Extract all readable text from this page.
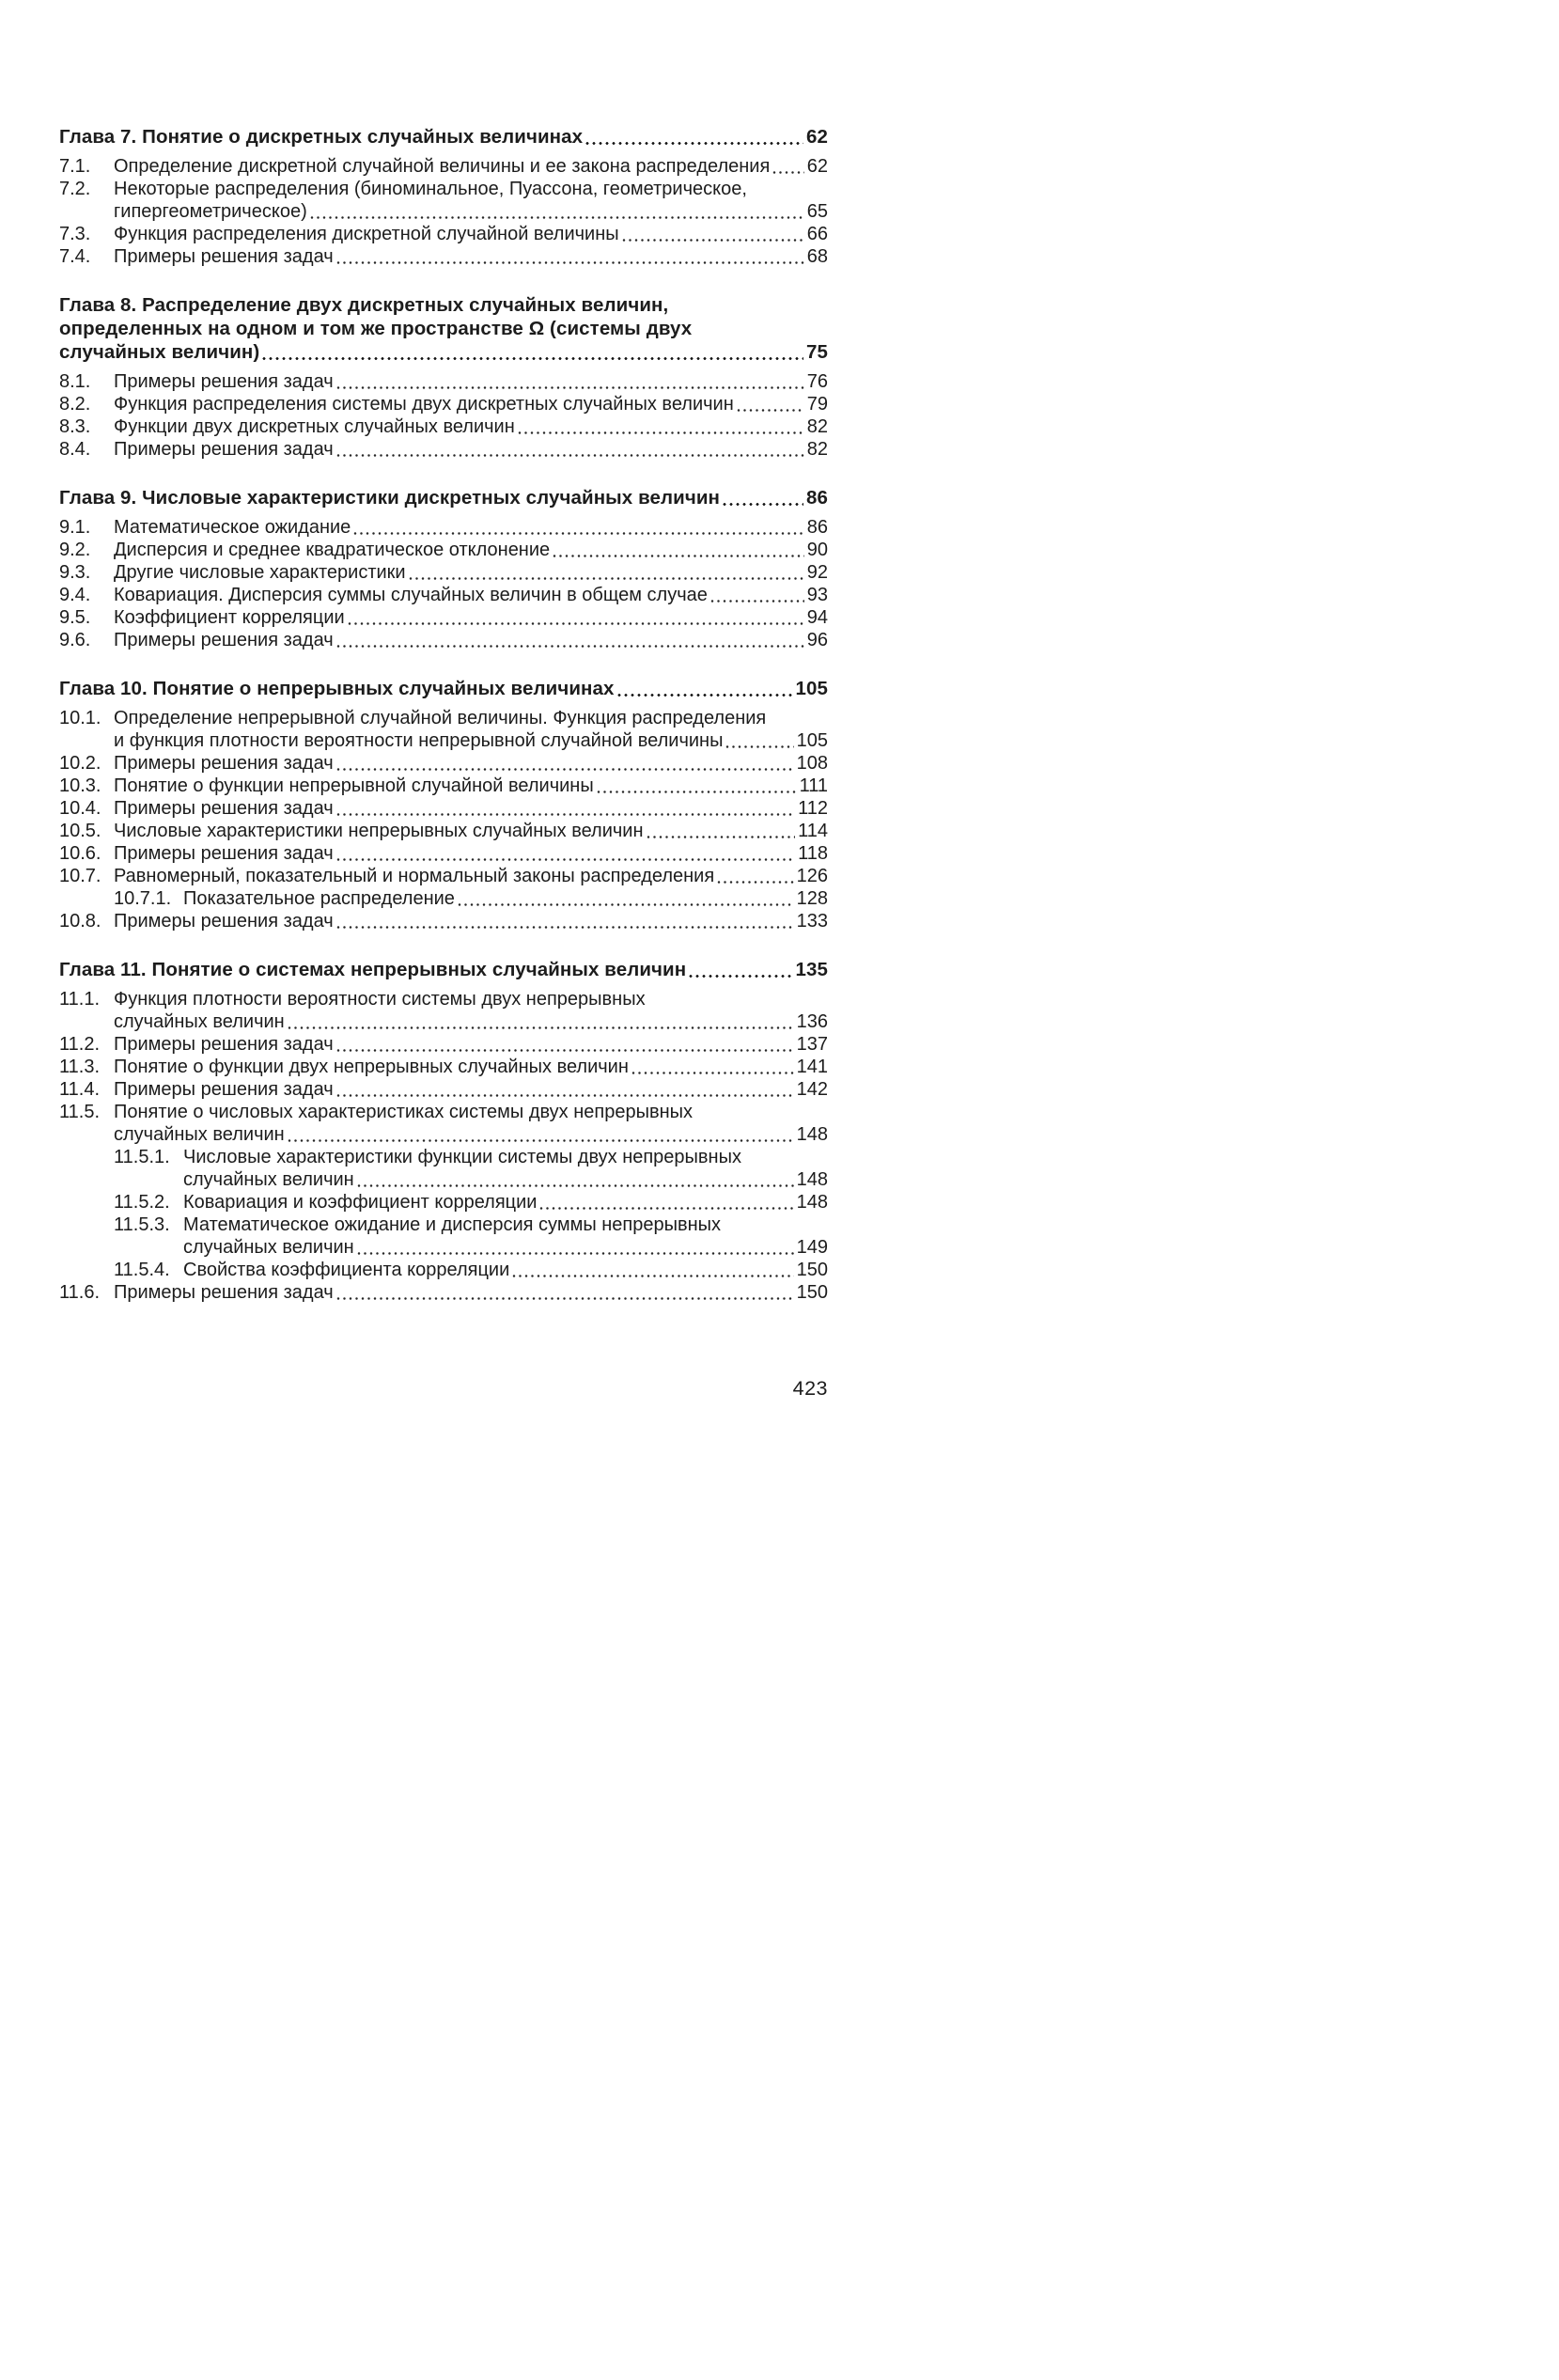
Глава 7. Понятие о дискретных случайных величинах	62
7.1. Определение дискретной случайной величины и ее закона распределения 62
7.2. Некоторые распределения (биноминальное, Пуассона, геометрическое,
гипергеометрическое)	65
7.3. Функция распределения дискретной случайной величины	66
7.4. Примеры решения задач	68
Глава 8. Распределение двух дискретных случайных величин,
определенных на одном и том же пространстве Ω (системы двух
случайных величин)	75
8.1. Примеры решения задач	76
8.2. Функция распределения системы двух дискретных случайных величин	79
8.3. Функции двух дискретных случайных величин	82
8.4. Примеры решения задач	82
Глава 9. Числовые характеристики дискретных случайных величин	86
9.1. Математическое ожидание	86
9.2. Дисперсия и среднее квадратическое отклонение	90
9.3. Другие числовые характеристики	92
9.4. Ковариация. Дисперсия суммы случайных величин в общем случае	93
9.5. Коэффициент корреляции	94
9.6. Примеры решения задач	96
Глава 10. Понятие о непрерывных случайных величинах	105
10.1. Определение непрерывной случайной величины. Функция распределения
и функция плотности вероятности непрерывной случайной величины	105
10.2. Примеры решения задач	108
10.3. Понятие о функции непрерывной случайной величины	111
10.4. Примеры решения задач	112
10.5. Числовые характеристики непрерывных случайных величин	114
10.6. Примеры решения задач	118
10.7. Равномерный, показательный и нормальный законы распределения	126
10.7.1. Показательное распределение	128
10.8. Примеры решения задач	133
Глава 11. Понятие о системах непрерывных случайных величин	135
11.1. Функция плотности вероятности системы двух непрерывных
случайных величин	136
11.2. Примеры решения задач	137
11.3. Понятие о функции двух непрерывных случайных величин	141
11.4. Примеры решения задач	142
11.5. Понятие о числовых характеристиках системы двух непрерывных
случайных величин	148
11.5.1. Числовые характеристики функции системы двух непрерывных
случайных величин	148
11.5.2. Ковариация и коэффициент корреляции	148
11.5.3. Математическое ожидание и дисперсия суммы непрерывных
случайных величин	149
11.5.4. Свойства коэффициента корреляции	150
11.6. Примеры решения задач	150
423
